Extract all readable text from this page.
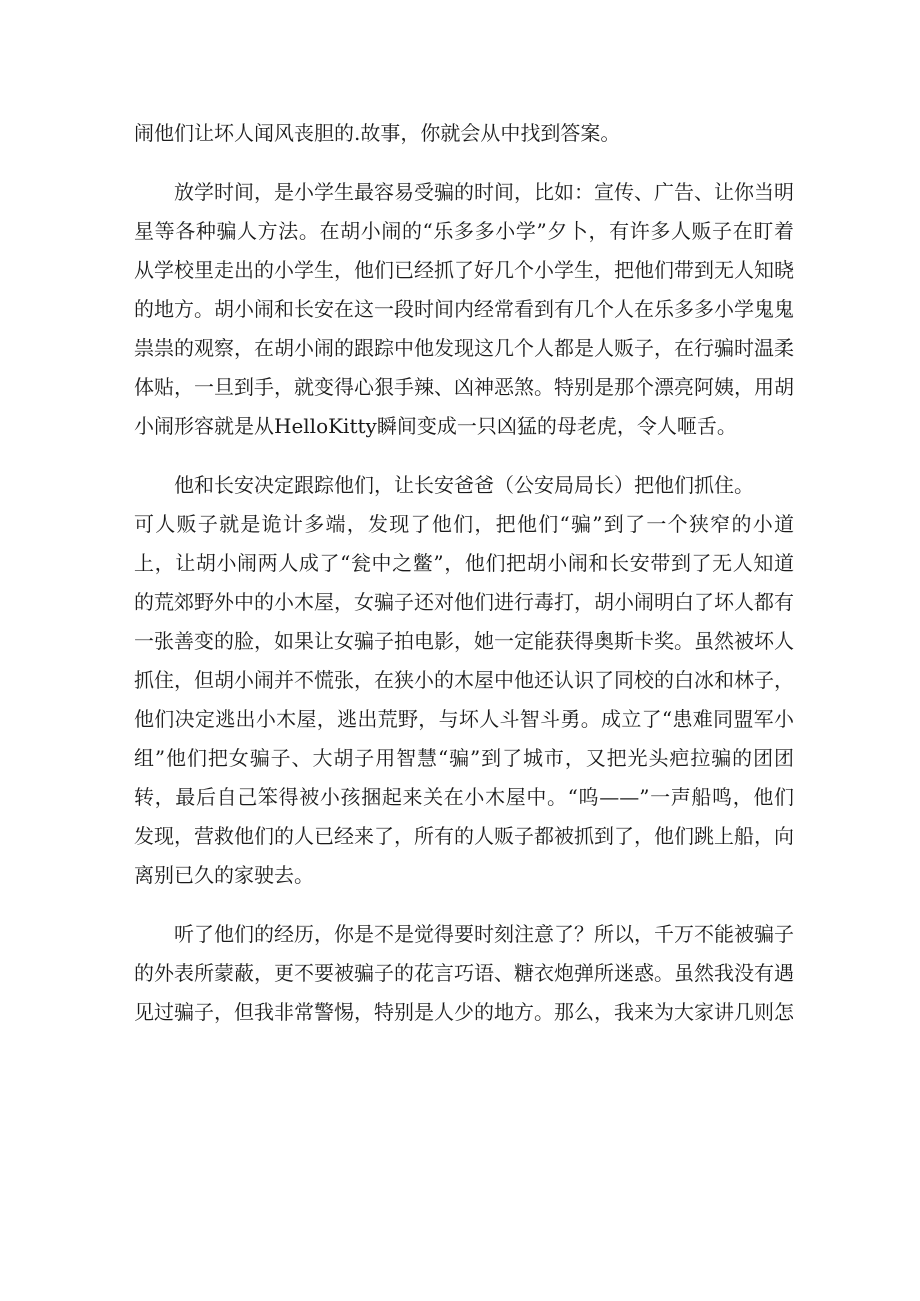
闹他们让坏人闻风丧胆的.故事，你就会从中找到答案。

放学时间，是小学生最容易受骗的时间，比如：宣传、广告、让你当明星等各种骗人方法。在胡小闹的“乐多多小学”夕卜，有许多人贩子在盯着从学校里走出的小学生，他们已经抓了好几个小学生，把他们带到无人知晓的地方。胡小闹和长安在这一段时间内经常看到有几个人在乐多多小学鬼鬼祟祟的观察，在胡小闹的跟踪中他发现这几个人都是人贩子，在行骗时温柔体贴，一旦到手，就变得心狠手辣、凶神恶煞。特别是那个漂亮阿姨，用胡小闹形容就是从HelloKitty瞬间变成一只凶猛的母老虎，令人咂舌。

他和长安决定跟踪他们，让长安爸爸（公安局局长）把他们抓住。

可人贩子就是诡计多端，发现了他们，把他们“骗”到了一个狭窄的小道上，让胡小闹两人成了“瓮中之鳖”，他们把胡小闹和长安带到了无人知道的荒郊野外中的小木屋，女骗子还对他们进行毒打，胡小闹明白了坏人都有一张善变的脸，如果让女骗子拍电影，她一定能获得奥斯卡奖。虽然被坏人抓住，但胡小闹并不慌张，在狭小的木屋中他还认识了同校的白冰和林子，他们决定逃出小木屋，逃出荒野，与坏人斗智斗勇。成立了“患难同盟军小组”他们把女骗子、大胡子用智慧“骗”到了城市，又把光头疤拉骗的团团转，最后自己笨得被小孩捆起来关在小木屋中。“呜——”一声船鸣，他们发现，营救他们的人已经来了，所有的人贩子都被抓到了，他们跳上船，向离别已久的家驶去。

听了他们的经历，你是不是觉得要时刻注意了？所以，千万不能被骗子的外表所蒙蔽，更不要被骗子的花言巧语、糖衣炮弹所迷惑。虽然我没有遇见过骗子，但我非常警惕，特别是人少的地方。那么，我来为大家讲几则怎
